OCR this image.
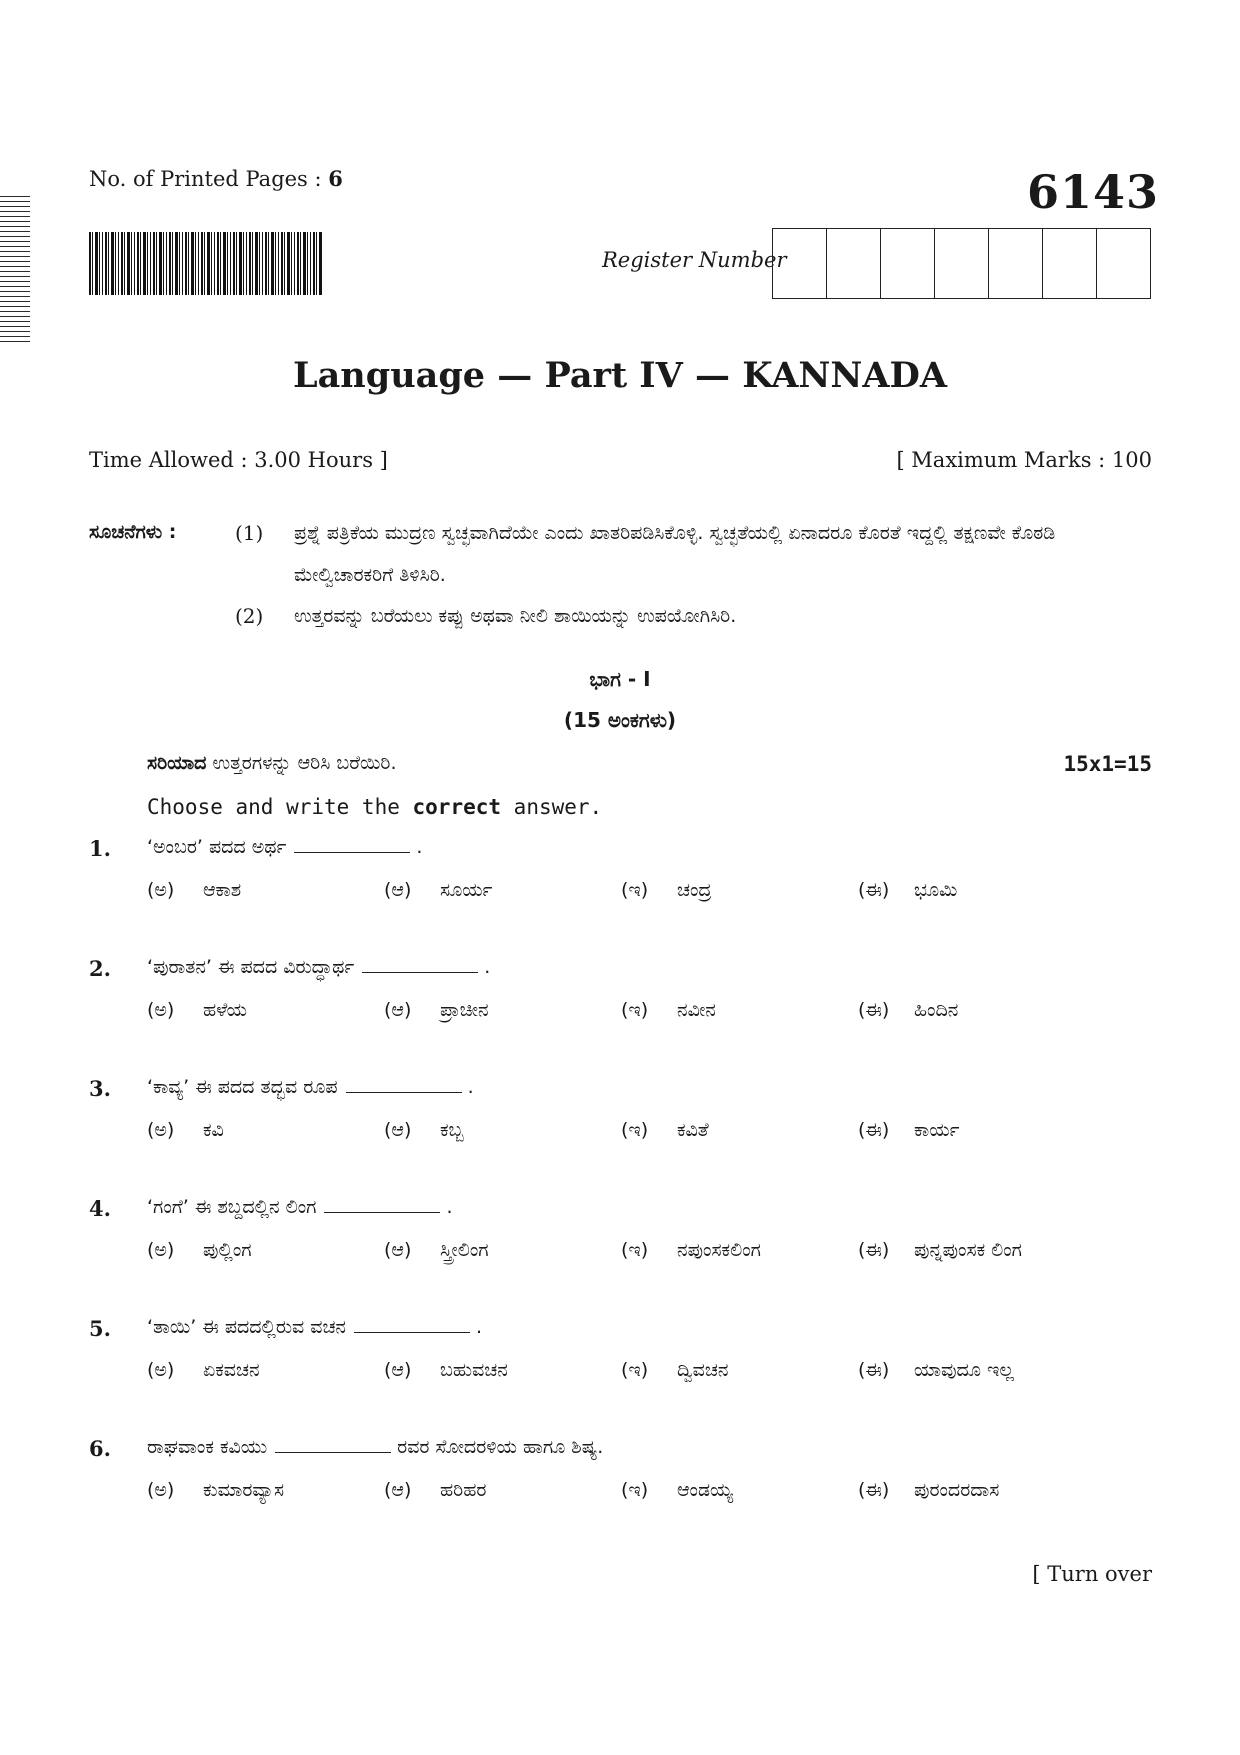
No. of Printed Pages : 6	6143
Register Number
Language — Part IV — KANNADA
Time Allowed : 3.00 Hours ]	[ Maximum Marks : 100
ಸೂಚನೆಗಳು :	(1) ಪ್ರಶ್ನೆ ಪತ್ರಿಕೆಯ ಮುದ್ರಣ ಸ್ವಚ್ಛವಾಗಿದೆಯೇ ಎಂದು ಖಾತರಿಪಡಿಸಿಕೊಳ್ಳಿ. ಸ್ವಚ್ಛತೆಯಲ್ಲಿ ಏನಾದರೂ ಕೊರತೆ ಇದ್ದಲ್ಲಿ ತಕ್ಷಣವೇ ಕೊಠಡಿ ಮೇಲ್ವಿಚಾರಕರಿಗೆ ತಿಳಿಸಿರಿ.
(2) ಉತ್ತರವನ್ನು ಬರೆಯಲು ಕಪ್ಪು ಅಥವಾ ನೀಲಿ ಶಾಯಿಯನ್ನು ಉಪಯೋಗಿಸಿರಿ.
ಭಾಗ - I
(15 ಅಂಕಗಳು)
ಸರಿಯಾದ ಉತ್ತರಗಳನ್ನು ಆರಿಸಿ ಬರೆಯಿರಿ.	15x1=15
Choose and write the correct answer.
1. ‘ಅಂಬರ’ ಪದದ ಅರ್ಥ	.
(ಅ) ಆಕಾಶ	(ಆ) ಸೂರ್ಯ	(ಇ) ಚಂದ್ರ	(ಈ) ಭೂಮಿ
2. ‘ಪುರಾತನ’ ಈ ಪದದ ವಿರುದ್ಧಾರ್ಥ	.
(ಅ) ಹಳೆಯ	(ಆ) ಪ್ರಾಚೀನ	(ಇ) ನವೀನ	(ಈ) ಹಿಂದಿನ
3. ‘ಕಾವ್ಯ’ ಈ ಪದದ ತದ್ಭವ ರೂಪ	.
(ಅ) ಕವಿ	(ಆ) ಕಬ್ಬ	(ಇ) ಕವಿತೆ	(ಈ) ಕಾರ್ಯ
4. ‘ಗಂಗೆ’ ಈ ಶಬ್ದದಲ್ಲಿನ ಲಿಂಗ	.
(ಅ) ಪುಲ್ಲಿಂಗ	(ಆ) ಸ್ತ್ರೀಲಿಂಗ	(ಇ) ನಪುಂಸಕಲಿಂಗ	(ಈ) ಪುನ್ನಪುಂಸಕ ಲಿಂಗ
5. ‘ತಾಯಿ’ ಈ ಪದದಲ್ಲಿರುವ ವಚನ	.
(ಅ) ಏಕವಚನ	(ಆ) ಬಹುವಚನ	(ಇ) ದ್ವಿವಚನ	(ಈ) ಯಾವುದೂ ಇಲ್ಲ
6. ರಾಘವಾಂಕ ಕವಿಯು	ರವರ ಸೋದರಳಿಯ ಹಾಗೂ ಶಿಷ್ಯ.
(ಅ) ಕುಮಾರವ್ಯಾಸ	(ಆ) ಹರಿಹರ	(ಇ) ಆಂಡಯ್ಯ	(ಈ) ಪುರಂದರದಾಸ
[ Turn over
